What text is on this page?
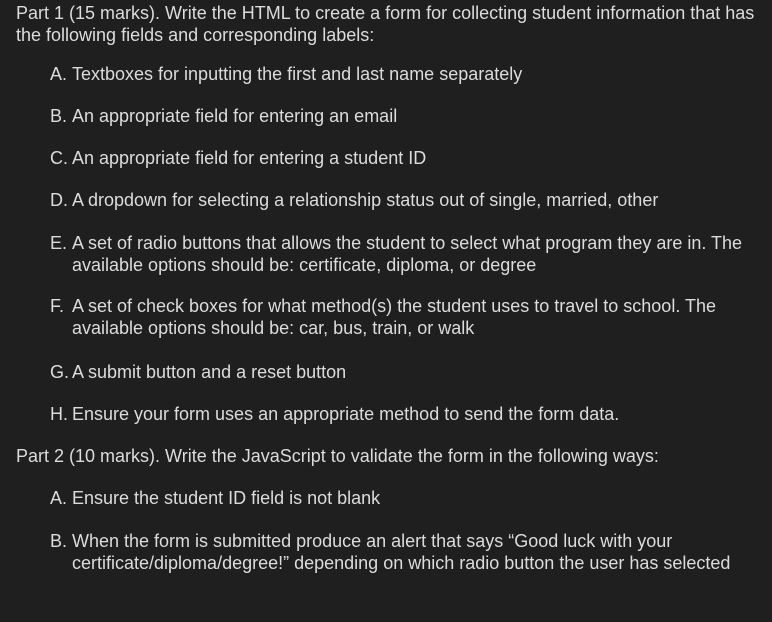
Part 1 (15 marks). Write the HTML to create a form for collecting student information that has the following fields and corresponding labels:

A. Textboxes for inputting the first and last name separately
B. An appropriate field for entering an email
C. An appropriate field for entering a student ID
D. A dropdown for selecting a relationship status out of single, married, other
E. A set of radio buttons that allows the student to select what program they are in. The available options should be: certificate, diploma, or degree
F. A set of check boxes for what method(s) the student uses to travel to school. The available options should be: car, bus, train, or walk
G. A submit button and a reset button
H. Ensure your form uses an appropriate method to send the form data.

Part 2 (10 marks). Write the JavaScript to validate the form in the following ways:

A. Ensure the student ID field is not blank
B. When the form is submitted produce an alert that says “Good luck with your certificate/diploma/degree!” depending on which radio button the user has selected
